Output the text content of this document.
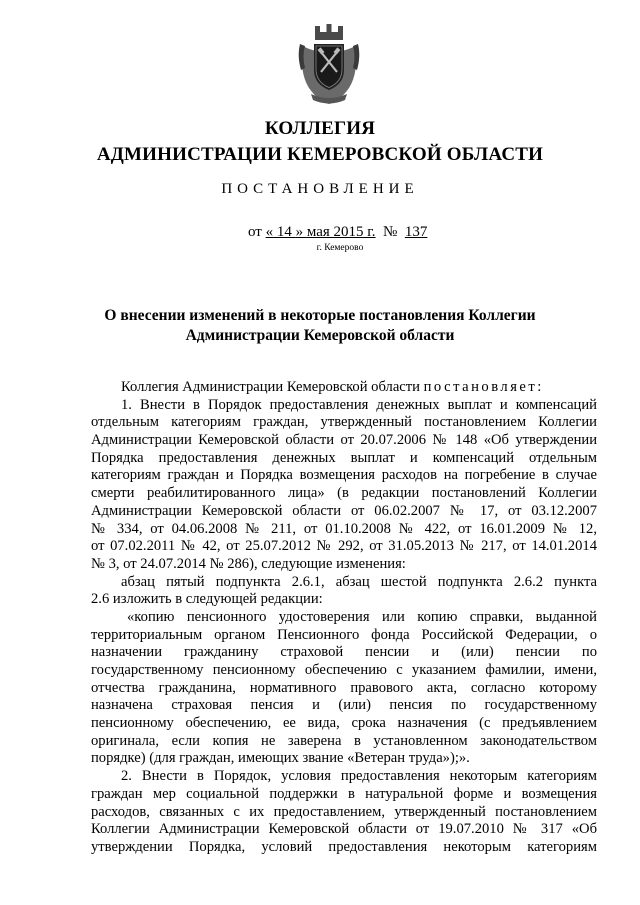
КОЛЛЕГИЯ
АДМИНИСТРАЦИИ КЕМЕРОВСКОЙ ОБЛАСТИ
ПОСТАНОВЛЕНИЕ
от « 14 » мая 2015 г. № 137
г. Кемерово
О внесении изменений в некоторые постановления Коллегии
Администрации Кемеровской области
Коллегия Администрации Кемеровской области постановляет:
1. Внести в Порядок предоставления денежных выплат и компенсаций
отдельным категориям граждан, утвержденный постановлением Коллегии
Администрации Кемеровской области от 20.07.2006 № 148 «Об утверждении
Порядка предоставления денежных выплат и компенсаций отдельным
категориям граждан и Порядка возмещения расходов на погребение в случае
смерти реабилитированного лица» (в редакции постановлений Коллегии
Администрации Кемеровской области от 06.02.2007 № 17, от 03.12.2007
№ 334, от 04.06.2008 № 211, от 01.10.2008 № 422, от 16.01.2009 № 12,
от 07.02.2011 № 42, от 25.07.2012 № 292, от 31.05.2013 № 217, от 14.01.2014
№ 3, от 24.07.2014 № 286), следующие изменения:
абзац пятый подпункта 2.6.1, абзац шестой подпункта 2.6.2 пункта
2.6 изложить в следующей редакции:
«копию пенсионного удостоверения или копию справки, выданной
территориальным органом Пенсионного фонда Российской Федерации, о
назначении гражданину страховой пенсии и (или) пенсии по
государственному пенсионному обеспечению с указанием фамилии, имени,
отчества гражданина, нормативного правового акта, согласно которому
назначена страховая пенсия и (или) пенсия по государственному
пенсионному обеспечению, ее вида, срока назначения (с предъявлением
оригинала, если копия не заверена в установленном законодательством
порядке) (для граждан, имеющих звание «Ветеран труда»);».
2. Внести в Порядок, условия предоставления некоторым категориям
граждан мер социальной поддержки в натуральной форме и возмещения
расходов, связанных с их предоставлением, утвержденный постановлением
Коллегии Администрации Кемеровской области от 19.07.2010 № 317 «Об
утверждении Порядка, условий предоставления некоторым категориям
